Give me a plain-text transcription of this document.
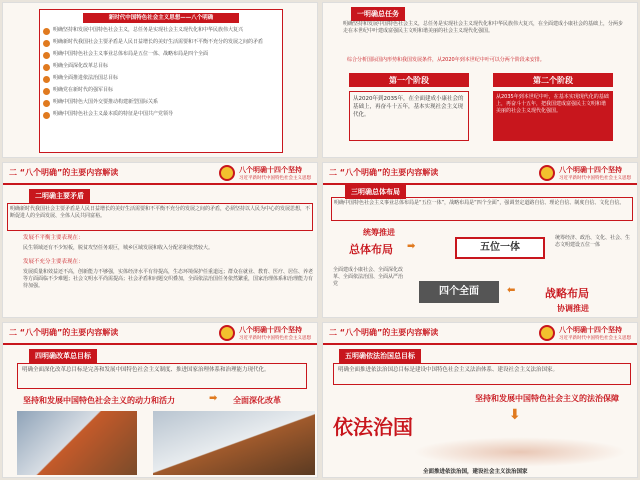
新时代中国特色社会主义思想——八个明确
明确坚持和发展中国特色社会主义，总任务是实现社会主义现代化和中华民族伟大复兴
明确新时代我国社会主要矛盾是人民日益增长的美好生活需要和不平衡不充分的发展之间的矛盾
明确中国特色社会主义事业总体布局是五位一体、战略布局是四个全面
明确全面深化改革总目标
明确全面推进依法治国总目标
明确党在新时代的强军目标
明确中国特色大国外交要推动构建新型国际关系
明确中国特色社会主义最本质的特征是中国共产党领导
一明确总任务
明确坚持和发展中国特色社会主义，总任务是实现社会主义现代化和中华民族伟大复兴，在全面建成小康社会的基础上，分两步走在本世纪中叶建成富强民主文明和谐美丽的社会主义现代化强国。
综合分析国际国内形势和我国发展条件，从2020年到本世纪中叶可以分两个阶段来安排。
第一个阶段	第二个阶段
从2020年到2035年，在全面建成小康社会的基础上，再奋斗十五年，基本实现社会主义现代化。
从2035年到本世纪中叶，在基本实现现代化的基础上，再奋斗十五年，把我国建成富强民主文明和谐美丽的社会主义现代化强国。
二 “八个明确”的主要内容解读	八个明确十四个坚持
习近平新时代中国特色社会主义思想
二明确主要矛盾
明确新时代我国社会主要矛盾是人民日益增长的美好生活需要和不平衡不充分的发展之间的矛盾，必须坚持以人民为中心的发展思想，不断促进人的全面发展、全体人民共同富裕。
发展不平衡主要表现在：
民生领域还有不少短板，脱贫攻坚任务艰巨，城乡区域发展和收入分配差距依然较大。
发展不充分主要表现在：
发展质量和效益还不高，创新能力不够强，实体经济水平有待提高，生态环境保护任重道远；群众在就业、教育、医疗、居住、养老等方面面临不少难题；社会文明水平尚需提高；社会矛盾和问题交织叠加，全面依法治国任务依然繁重，国家治理体系和治理能力有待加强。
二 “八个明确”的主要内容解读	八个明确十四个坚持
习近平新时代中国特色社会主义思想
三明确总体布局
明确中国特色社会主义事业总体布局是“五位一体”，战略布局是“四个全面”，强调坚定道路自信、理论自信、制度自信、文化自信。
统筹推进
总体布局 ➡	五位一体
统筹经济、政治、文化、社会、生态文明建设五位一体
全面建成小康社会、全面深化改革、全面依法治国、全面从严治党
四个全面	⬅	战略布局
协调推进
二 “八个明确”的主要内容解读	八个明确十四个坚持
习近平新时代中国特色社会主义思想
四明确改革总目标
明确全面深化改革总目标是完善和发展中国特色社会主义制度、推进国家治理体系和治理能力现代化。
坚持和发展中国特色社会主义的动力和活力	➡ 全面深化改革
二 “八个明确”的主要内容解读	八个明确十四个坚持
习近平新时代中国特色社会主义思想
五明确依法治国总目标
明确全面推进依法治国总目标是建设中国特色社会主义法治体系、建设社会主义法治国家。
坚持和发展中国特色社会主义的法治保障
依法治国	⬇
全面推进依法治国，建设社会主义法治国家
